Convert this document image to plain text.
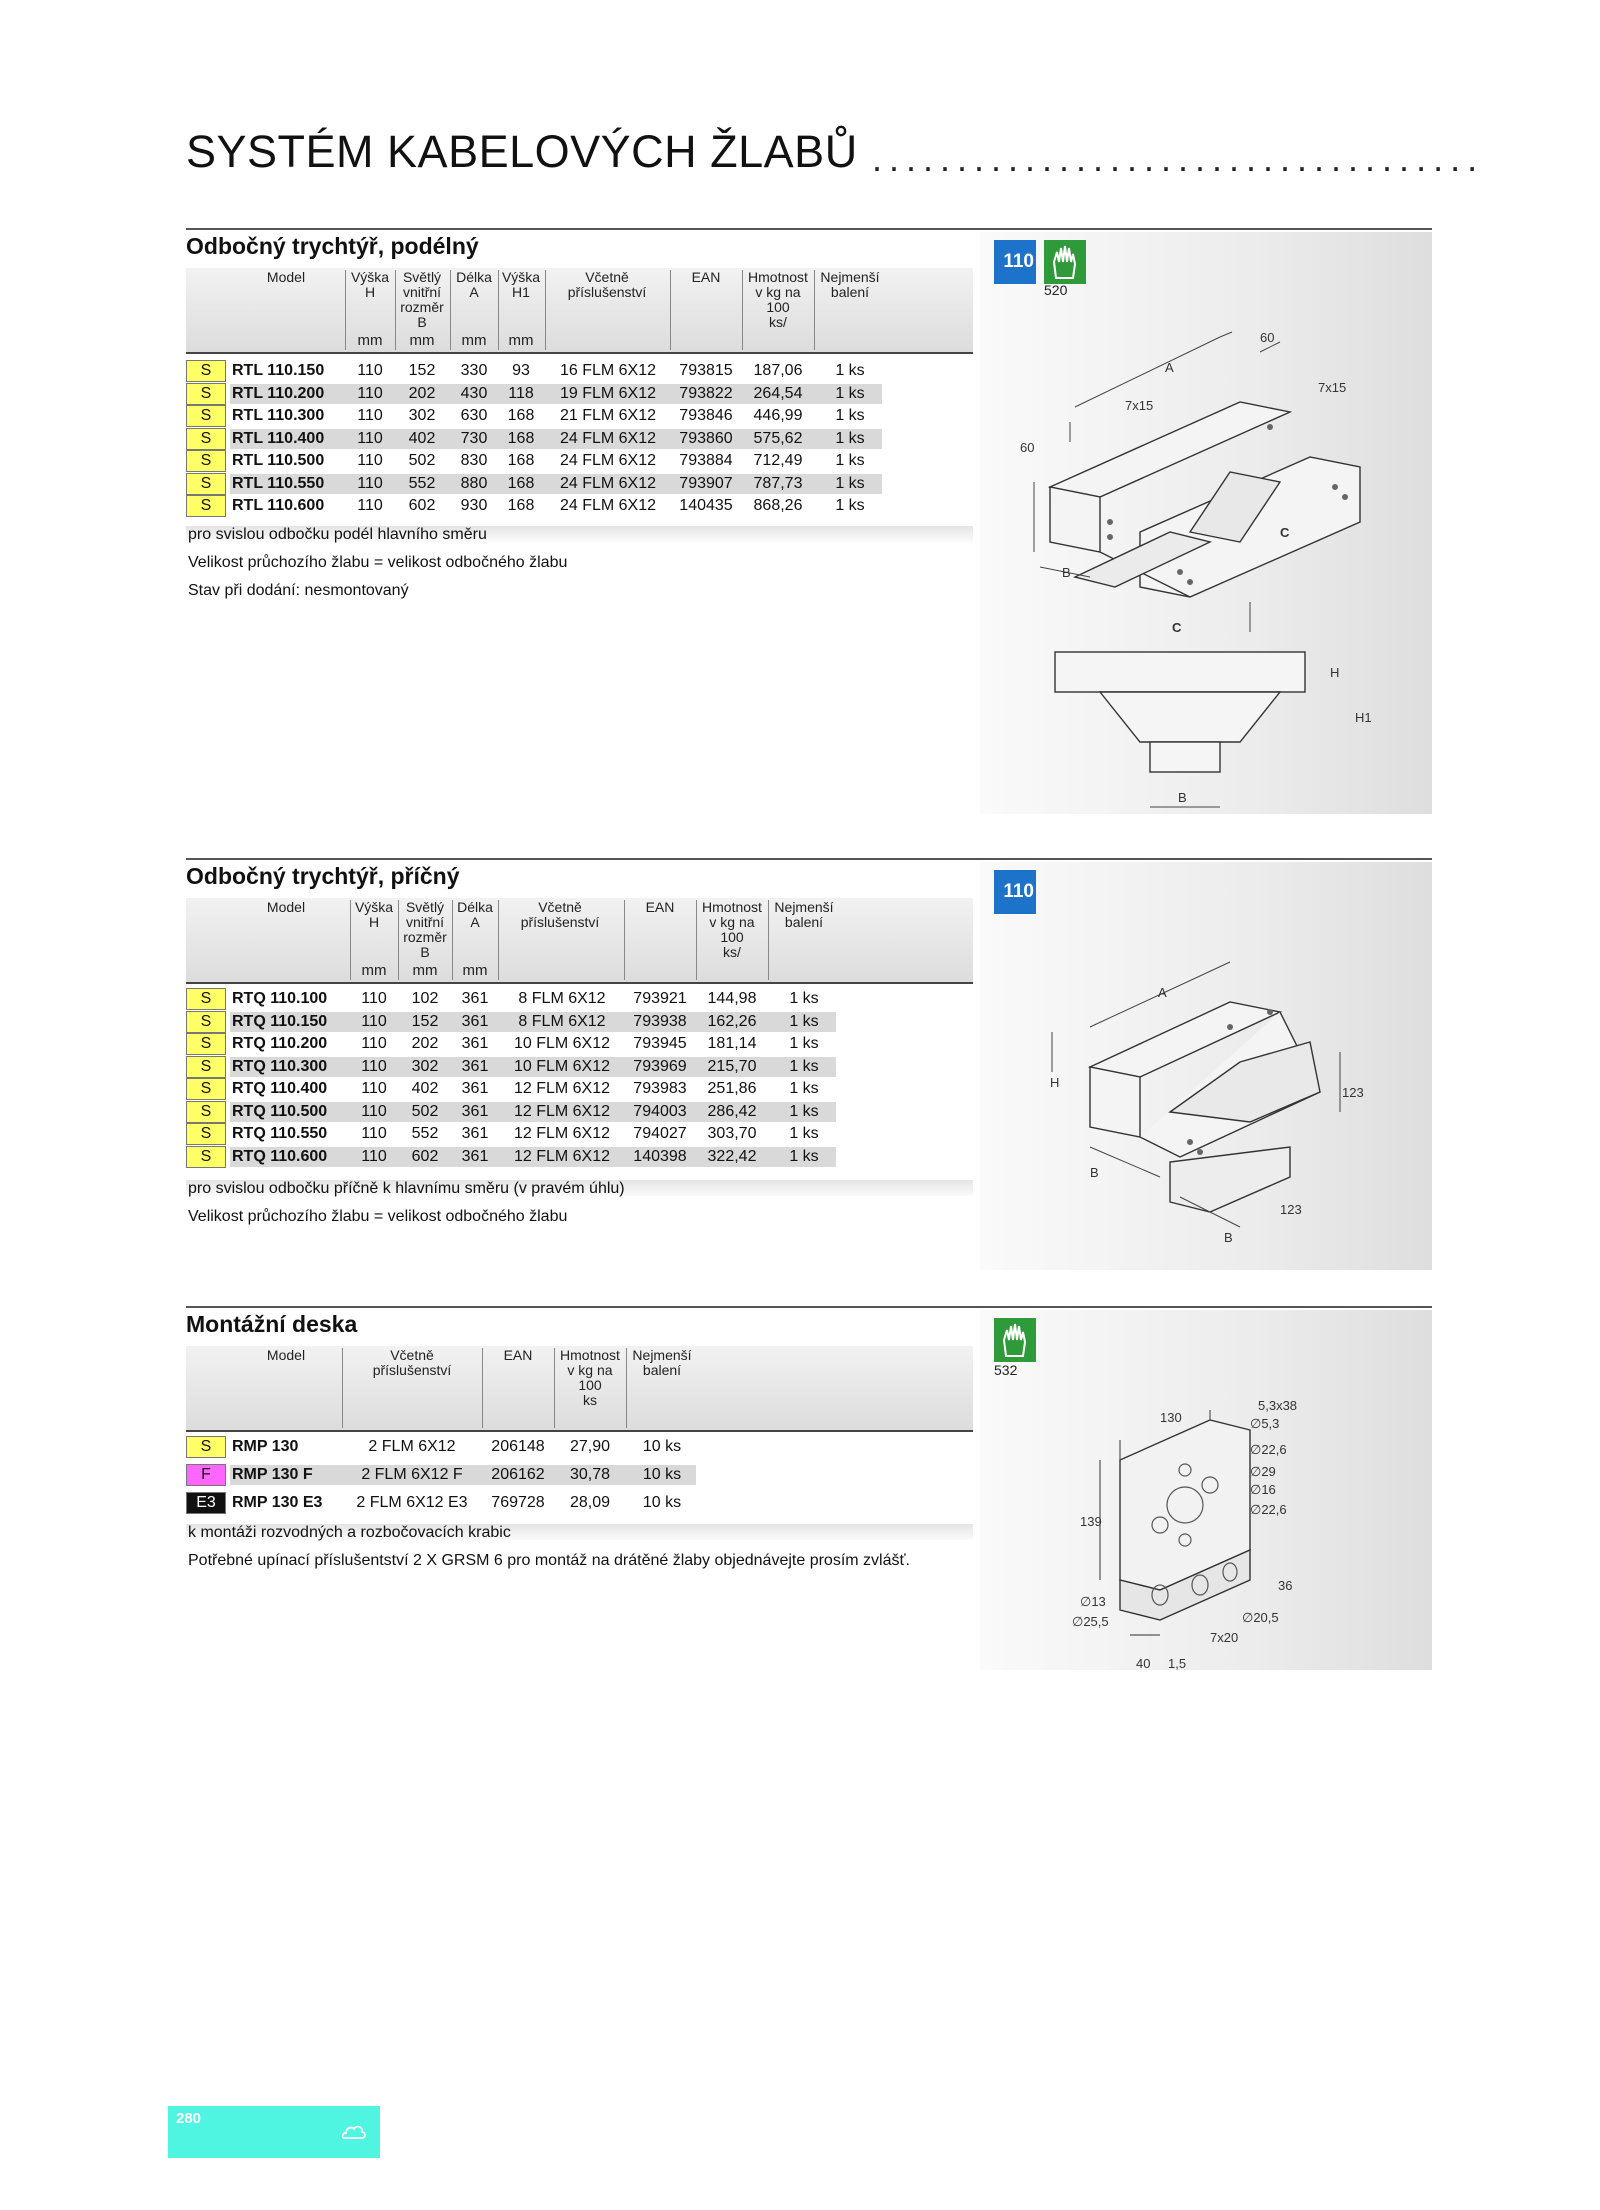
SYSTÉM KABELOVÝCH ŽLABŮ ....................................
Odbočný trychtýř, podélný
Model	Výška
H
Světlý
vnitřní
rozměr
B
Délka
A
Výška
H1
Včetně
příslušenství
EAN	Hmotnost
v kg na
100
ks/
Nejmenší
balení
mm	mm	mm	mm
S	RTL 110.150	110	152	330	93	16 FLM 6X12	793815	187,06	1 ks
S	RTL 110.200	110	202	430	118	19 FLM 6X12	793822	264,54	1 ks
S	RTL 110.300	110	302	630	168	21 FLM 6X12	793846	446,99	1 ks
S	RTL 110.400	110	402	730	168	24 FLM 6X12	793860	575,62	1 ks
S	RTL 110.500	110	502	830	168	24 FLM 6X12	793884	712,49	1 ks
S	RTL 110.550	110	552	880	168	24 FLM 6X12	793907	787,73	1 ks
S	RTL 110.600	110	602	930	168	24 FLM 6X12	140435	868,26	1 ks
pro svislou odbočku podél hlavního směru
Velikost průchozího žlabu = velikost odbočného žlabu
Stav při dodání: nesmontovaný
110
520
60
A
7x15
7x15
60
B
C
C
H
H1
B
Odbočný trychtýř, příčný
Model	Výška
H
Světlý
vnitřní
rozměr
B
Délka
A
Včetně
příslušenství
EAN	Hmotnost
v kg na
100
ks/
Nejmenší
balení
mm	mm	mm
S	RTQ 110.100	110	102	361	8 FLM 6X12	793921	144,98	1 ks
S	RTQ 110.150	110	152	361	8 FLM 6X12	793938	162,26	1 ks
S	RTQ 110.200	110	202	361	10 FLM 6X12	793945	181,14	1 ks
S	RTQ 110.300	110	302	361	10 FLM 6X12	793969	215,70	1 ks
S	RTQ 110.400	110	402	361	12 FLM 6X12	793983	251,86	1 ks
S	RTQ 110.500	110	502	361	12 FLM 6X12	794003	286,42	1 ks
S	RTQ 110.550	110	552	361	12 FLM 6X12	794027	303,70	1 ks
S	RTQ 110.600	110	602	361	12 FLM 6X12	140398	322,42	1 ks
pro svislou odbočku příčně k hlavnímu směru (v pravém úhlu)
Velikost průchozího žlabu = velikost odbočného žlabu
110
A
H
123
B
123
B
Montážní deska
Model	Včetně
příslušenství
EAN	Hmotnost
v kg na
100
ks
Nejmenší
balení
S	RMP 130	2 FLM 6X12	206148	27,90	10 ks
F	RMP 130 F	2 FLM 6X12 F	206162	30,78	10 ks
E3	RMP 130 E3	2 FLM 6X12 E3	769728	28,09	10 ks
k montáži rozvodných a rozbočovacích krabic
Potřebné upínací příslušentství 2 X GRSM 6 pro montáž na drátěné žlaby objednávejte prosím zvlášť.
532
5,3x38
130	∅5,3
∅22,6
∅29
∅16
∅22,6
139
36
∅13
∅25,5	∅20,5
7x20
40 1,5
280
